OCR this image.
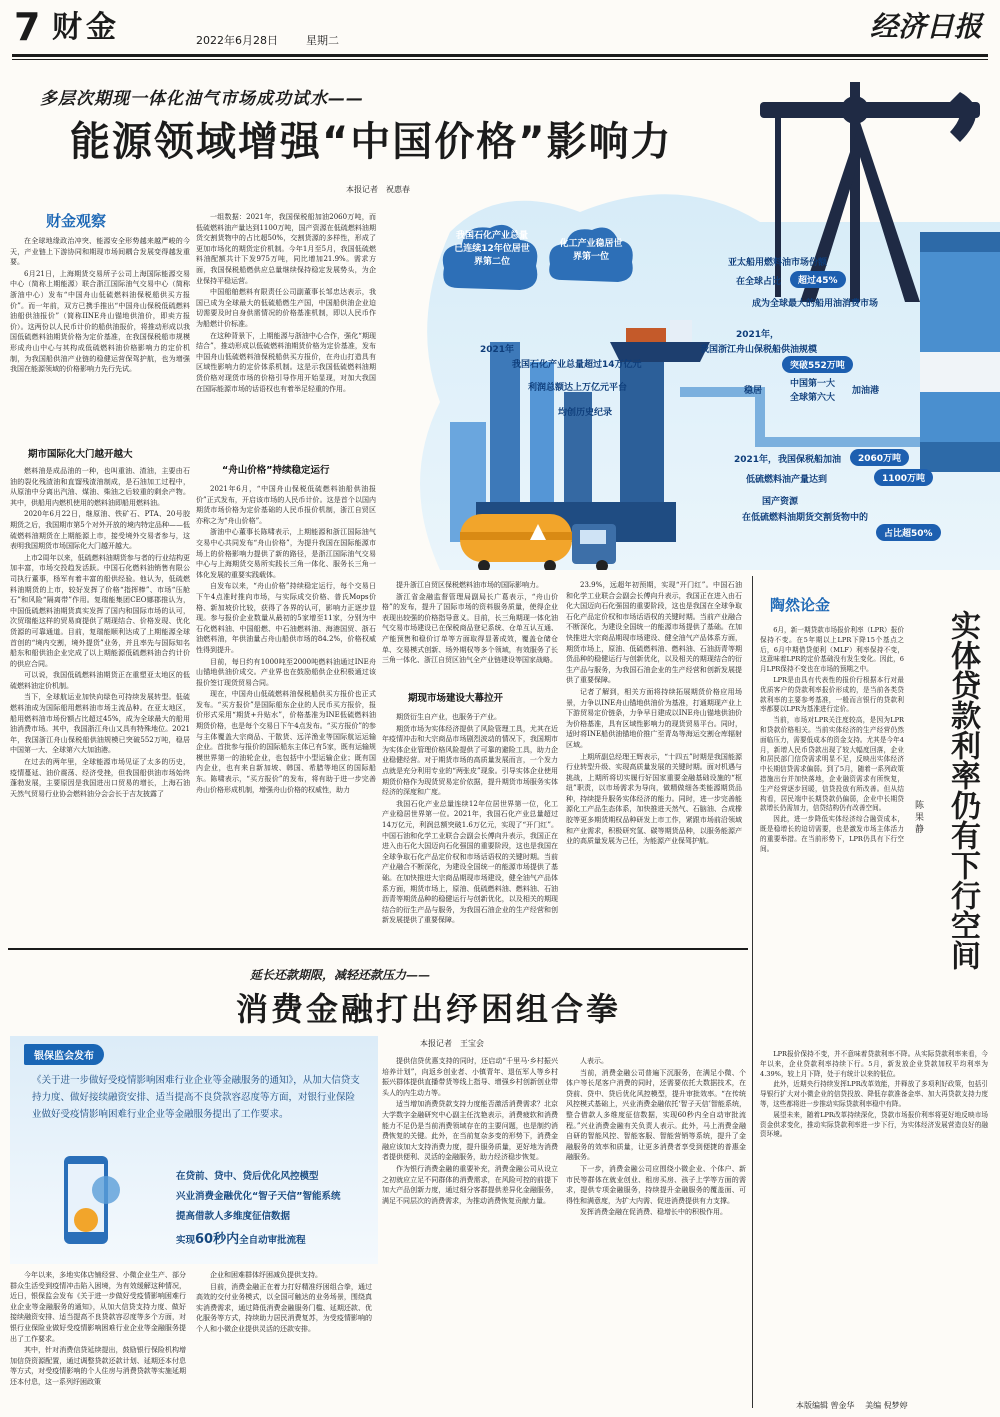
7 财金	2022年6月28日	星期二	经济日报
我国石化产业总量已连续12年位居世界第二位
化工产业稳居世界第一位
2021年
我国石化产业总量超过14万亿元
利润总额达上万亿元平台
均创历史纪录
亚太船用燃料油市场份额
在全球占比	超过45%
成为全球最大的船用油消费市场
2021年，
我国浙江舟山保税船供油规模
突破552万吨
稳居
中国第一大
全球第六大
加油港
2021年， 我国保税船加油	2060万吨
低硫燃料油产量达到	1100万吨
国产资源
在低硫燃料油期货交割货物中的
占比超50%
多层次期现一体化油气市场成功试水——
能源领域增强“中国价格”影响力
本报记者　祝惠春
财金观察

在全球地缘政治冲突、能源安全形势越来越严峻的今天，产业链上下游协同和期现市场间耦合发展变得越发重要。

6月21日，上海期货交易所子公司上海国际能源交易中心（简称上期能源）联合浙江国际油气交易中心（简称浙油中心）发布“中国舟山低硫燃料油保税船供买方报价”。而一年前，双方已携手推出“中国舟山保税低硫燃料油船供油报价”（简称IINE舟山锚地供油价，即卖方报价）。这两份以人民币计价的船供油报价，将推动形成以我国低硫燃料油期货价格为定价基准，在我国保税船市规模形成舟山中心与其构成低硫燃料油价格影响力的定价机制，为我国船供油产业链的稳健运营保驾护航，也为增强我国在能源领域的价格影响力先行先试。

期市国际化大门越开越大

燃料油是成品油的一种，也叫重油、渣油，主要由石油的裂化残渣油和直馏残渣油制成，是石油加工过程中，从原油中分离出汽油、煤油、柴油之后较重的剩余产物。其中，供船用内燃机使用的燃料油即船用燃料油。

2020年6月22日，继原油、铁矿石、PTA、20号胶期货之后，我国期市第5个对外开放的境内特定品种——低硫燃料油期货在上期能源上市，接受境外交易者参与，这表明我国期货市场国际化大门越开越大。

上市2周年以来，低硫燃料油期货参与者的行业结构更加丰富，市场交投趋发活跃。中国石化燃料油销售有限公司执行董事，杨军有着丰富的船供经验。他认为，低硫燃料油期货的上市，较好发挥了价格“指挥棒”、市场“压舱石”和风险“隔离带”作用。复瑞能集团CEO娜郡推认为，中国低硫燃料油期货真实发挥了国内和国际市场的认可，次贸瑞能这样的贸易商提供了期现结合、价格发现、优化货源的可靠通道。目前，复瑞能顺利达成了上期能源全球首创的“境内交割，境外提货”业务，并且率先与国际知名船东和船供油企业完成了以上期能源低硫燃料油合约计价的供应合同。

可以说，我国低硫燃料油期货正在重塑亚太地区的低硫燃料油定价机制。

当下，全球航运业加快向绿色可持续发展转型。低硫燃料油成为国际船用燃料油市场主流品种。在亚太地区，船用燃料油市场份额占比超过45%，成为全球最大的船用油消费市场。其中，我国浙江舟山又具有特殊地位。2021年，我国浙江舟山保税船供油规模已突破552万吨，稳居中国第一大、全球第六大加油港。

在过去的两年里，全球能源市场见证了太多的历史，疫情蔓延、油价震荡、经济受挫，但我国船供油市场始终蓬勃发展，主要原因是我国进出口贸易的增长，上海石油天然气贸易行业协会燃料油分会会长于吉友披露了

一组数据：2021年，我国保税船加油2060万吨，而低硫燃料油产量达到1100万吨，国产资源在低硫燃料油期货交割货物中的占比超50%，交割货源的多样性，形成了更加市场化的期货定价机制。今年1月至5月，我国低硫燃料油配额共计下发975万吨，同比增加21.9%。需求方面，我国保税船燃供应总量继续保持稳定发展势头，为企业保持平稳运营。

中国船舶燃料有限责任公司副董事长邹忠达表示，我国已成为全球最大的低硫船燃生产国，中国船供油企业迫切需要及时自身供需情况的价格基准机制，即以人民币作为船燃计价标准。

在这种背景下，上期能源与浙油中心合作，强化“期现结合”，推动形成以低硫燃料油期货价格为定价基准，发布中国舟山低硫燃料油保税船供买方报价，在舟山打造具有区域性影响力的定价体系机制。这是示我国低硫燃料油期货价格对现货市场的价格引导作用开始显现，对加大我国在国际能源市场的话语权也有着举足轻重的作用。

“舟山价格”持续稳定运行

2021年6月，“中国舟山保税低硫燃料油船供油报价”正式发布，开启该市场的人民币计价。这是首个以国内期货市场价格为定价基础的人民币报价机制，浙江自贸区亦称之为“舟山价格”。

浙油中心董事长陈啸表示，上期能源和浙江国际油气交易中心共同发布“舟山价格”，为提升我国在国际能源市场上的价格影响力提供了新的路径，是浙江国际油气交易中心与上海期货交易所实践长三角一体化、服务长三角一体化发展的重要实践载体。

自发布以来，“舟山价格”持续稳定运行，每个交易日下午4点准时推向市场，与实际成交价格、普氏Mops价格、新加坡价比较，获得了各界的认可，影响力正逐步显现。参与报价企业数量从最初的5家增至11家，分别为中石化燃料油、中国船燃、中石油燃料油、海港国贸、浙石油燃料油，年供油量占舟山船供市场的84.2%，价格权威性得到提升。

目前，每日约有1000吨至2000吨燃料油通过INE舟山锚地供油价成交。产业界也在鼓励船供企业积极通过该报价签订现货贸易合同。

现在，中国舟山低硫燃料油保税船供买方报价也正式发布。“买方报价”是国际船东企业的人民币买方报价，报价形式采用“期货+升贴水”，价格基准为INE低硫燃料油期货价格，也是每个交易日下午4点发布。“买方报价”的参与主体覆盖大宗商品、干散货、远洋渔业等国际航运运输企业。首批参与报价的国际船东主体已有5家，既有运输规模世界第一的油轮企业，也包括中小型运输企业；既有国内企业，也有来自新加坡、韩国、希腊等地区的国际船东。陈啸表示，“买方报价”的发布，将有助于进一步完善舟山价格形成机制，增强舟山价格的权威性，助力

提升浙江自贸区保税燃料油市场的国际影响力。

浙江省金融监督管理局副局长广葛表示，“舟山价格”的发布，提升了国际市场的资料服务质量，使得企业表现出较强的价格指导意义。目前，长三角期现一体化油气交易市场建设已在保税商品登记系统、仓单互认互通、产能预售和稳价订单等方面取得显著成效，覆盖仓储仓单、交易模式创新、场外期权等多个领域，有效服务了长三角一体化、浙江自贸区油气全产业链建设等国家战略。

期现市场建设大幕拉开

期货衍生自产业，也服务于产业。

期货市场为实体经济提供了风险管理工具，尤其在近年疫情冲击和大宗商品市场剧烈波动的情况下，我国期市为实体企业管理价格风险提供了可靠的避险工具，助力企业稳健经营。对于期货市场的高质量发展而言，一个发力点就是充分利用专业的“两张皮”现象。引导实体企业使用期货价格作为现货贸易定价依据，提升期货市场服务实体经济的深度和广度。

我国石化产业总量连续12年位居世界第一位，化工产业稳居世界第一位。2021年，我国石化产业总量超过14万亿元，利润总额突破1.6万亿元，实现了“开门红”。中国石油和化学工业联合会副会长傅向升表示，我国正在进入由石化大国迈向石化强国的重要阶段，这也是我国在全球争取石化产品定价权和市场话语权的关键时期。当前产业融合不断深化，为建设全国统一的能源市场提供了基础。在加快推进大宗商品期现市场建设，健全油气产品体系方面，期货市场上，原油、低硫燃料油、燃料油、石油沥青等期货品种的稳健运行与创新优化，以及相关的期现结合的衍生产品与服务，为我国石油企业的生产经营和创新发展提供了重要保障。

23.9%，远超年初预期，实现“开门红”。中国石油和化学工业联合会副会长傅向升表示，我国正在进入由石化大国迈向石化强国的重要阶段，这也是我国在全球争取石化产品定价权和市场话语权的关键时期。当前产业融合不断深化，为建设全国统一的能源市场提供了基础。在加快推进大宗商品期现市场建设、健全油气产品体系方面，期货市场上，原油、低硫燃料油、燃料油、石油沥青等期货品种的稳健运行与创新优化，以及相关的期现结合的衍生产品与服务，为我国石油企业的生产经营和创新发展提供了重要保障。

记者了解到，相关方面将持续拓展期货价格应用场景，力争以INE舟山锚地供油价为基准，打通期现产业上下游贸易定价链条，力争早日建成以INE舟山锚地供油价为价格基准，具有区域性影响力的现货贸易平台。同时，适时将INE船供油锚地价推广至青岛等海运交割仓库辐射区域。

上期所副总经理王辉表示，“十四五”时期是我国能源行业转型升级、实现高质量发展的关键时期。面对机遇与挑战，上期所将切实履行好国家重要金融基础设施的“枢纽”职责，以市场需求为导向，做精做细各类能源期货品种，持续提升服务实体经济的能力。同时，进一步完善能源化工产品生态体系，加快推进天然气、石脑油、合成橡胶等更多期货期权品种研发上市工作，紧跟市场前沿领域和产业需求，积极研究氢、碳等期货品种，以服务能源产业的高质量发展为己任，为能源产业保驾护航。

陶然论金
实体贷款利率仍有下行空间
陈果静

6月，新一期贷款市场报价利率（LPR）报价保持不变。在5年期以上LPR下降15个基点之后，6月中期借贷便利（MLF）利率保持不变，这意味着LPR的定价基础没有发生变化。因此，6月LPR保持不变也在市场的预期之中。

LPR是由具有代表性的报价行根据本行对最优质客户的贷款利率报价形成的，是当前各类贷款利率的主要参考基准，一般而言银行的贷款利率都要以LPR为基准进行定价。

当前，市场对LPR关注度较高，是因为LPR和贷款价格相关。当前实体经济的生产经营仍然面临压力，需要低成本的资金支持。尤其是今年4月，新增人民币贷款出现了较大幅度回落，企业和居民部门信贷需求明显不足，反映出实体经济中长期信贷需求偏弱。到了5月，随着一系列政策措施出台并加快落地，企业融资需求有所恢复，生产经营逐步回暖，信贷投放有所改善。但从结构看，居民端中长期贷款仍偏弱，企业中长期贷款增长仍需加力，信贷结构仍有改善空间。

因此，进一步降低实体经济综合融资成本，既是稳增长的迫切需要，也是激发市场主体活力的重要举措。在当前形势下，LPR仍具有下行空间。

LPR报价保持不变，并不意味着贷款利率不降。从实际贷款利率来看，今年以来，企业贷款利率持续下行。5月，新发放企业贷款加权平均利率为4.39%，较上月下降，处于有统计以来的低位。

此外，近期央行持续发挥LPR改革效能，并释放了多项利好政策，包括引导银行扩大对小微企业的信贷投放、降低存款准备金率、加大再贷款支持力度等，这些都将进一步推动实际贷款利率稳中有降。

展望未来，随着LPR改革持续深化，贷款市场报价利率将更好地反映市场资金供求变化，推动实际贷款利率进一步下行，为实体经济发展营造良好的融资环境。

延长还款期限，减轻还款压力——
消费金融打出纾困组合拳
本报记者　王宝会
银保监会发布
《关于进一步做好受疫情影响困难行业企业等金融服务的通知》，从加大信贷支持力度、做好接续融资安排、适当提高不良贷款容忍度等方面，对银行业保险业做好受疫情影响困难行业企业等金融服务提出了工作要求。
在贷前、贷中、贷后优化风控模型
兴业消费金融优化“智子天信”智能系统
提高借款人多维度征信数据
实现60秒内全自动审批流程

今年以来，多地实体店铺经营、小微企业生产、部分群众生活受到疫情冲击陷入困境，为有效缓解这种情况，近日，银保监会发布《关于进一步做好受疫情影响困难行业企业等金融服务的通知》，从加大信贷支持力度、做好接续融资安排、适当提高不良贷款容忍度等多个方面，对银行业保险业做好受疫情影响困难行业企业等金融服务提出了工作要求。

其中，针对消费信贷延续提出，鼓励银行保险机构增加信贷资源配置，通过调整贷款还款计划、延期还本付息等方式，对受疫情影响的个人住房与消费贷款等实施延期还本付息，这一系列纾困政策

企业和困难群体纾困减负提供支持。

目前，消费金融正在着力打好精准纾困组合拳，通过高效的交付业务模式，以全国可触达的业务场景，围绕真实消费需求，通过降低消费金融服务门槛、延期还款、优化服务等方式，持续助力居民消费复苏，为受疫情影响的个人和小微企业提供灵活的还款安排。

提供信贷优惠支持的同时，还启动“千里马·乡村振兴培养计划”，向返乡创业者、小镇青年、退伍军人等乡村振兴群体提供直播带货等线上指导、增强乡村创新创业带头人的内生动力等。

适当增加消费贷款支持力度能否激活消费需求？北京大学数字金融研究中心副主任沈艳表示，消费疲软和消费能力不足仍是当前消费领域存在的主要问题，也是制约消费恢复的关键。此外，在当前复杂多变的形势下，消费金融应该加大支持消费力度，提升服务质量，更好地为消费者提供便利、灵活的金融服务，助力经济稳步恢复。

作为银行消费金融的重要补充，消费金融公司从设立之初就应立足不同群体的消费需求，在风险可控的前提下加大产品创新力度，通过细分客群提供差异化金融服务，满足不同层次的消费需求，为推动消费恢复贡献力量。

人表示。

当前，消费金融公司普遍下沉服务，在满足小微、个体户等长尾客户消费的同时，还需要依托大数据技术，在贷前、贷中、贷后优化风控模型，提升审批效率。“在传统风控模式基础上，兴业消费金融依托‘智子天信’智能系统，整合借款人多维度征信数据，实现60秒内全自动审批流程。”兴业消费金融有关负责人表示。此外，马上消费金融自研的智能风控、智能客服、智能营销等系统，提升了金融服务的效率和质量，让更多消费者享受到便捷的普惠金融服务。

下一步，消费金融公司应围绕小微企业、个体户、新市民等群体在就业创业、租房买房、孩子上学等方面的需求，提供专项金融服务，持续提升金融服务的覆盖面、可得性和满意度，为扩大内需、促进消费提供有力支撑。

发挥消费金融在促消费、稳增长中的积极作用。

本版编辑 曾金华 美编 倪梦婷
